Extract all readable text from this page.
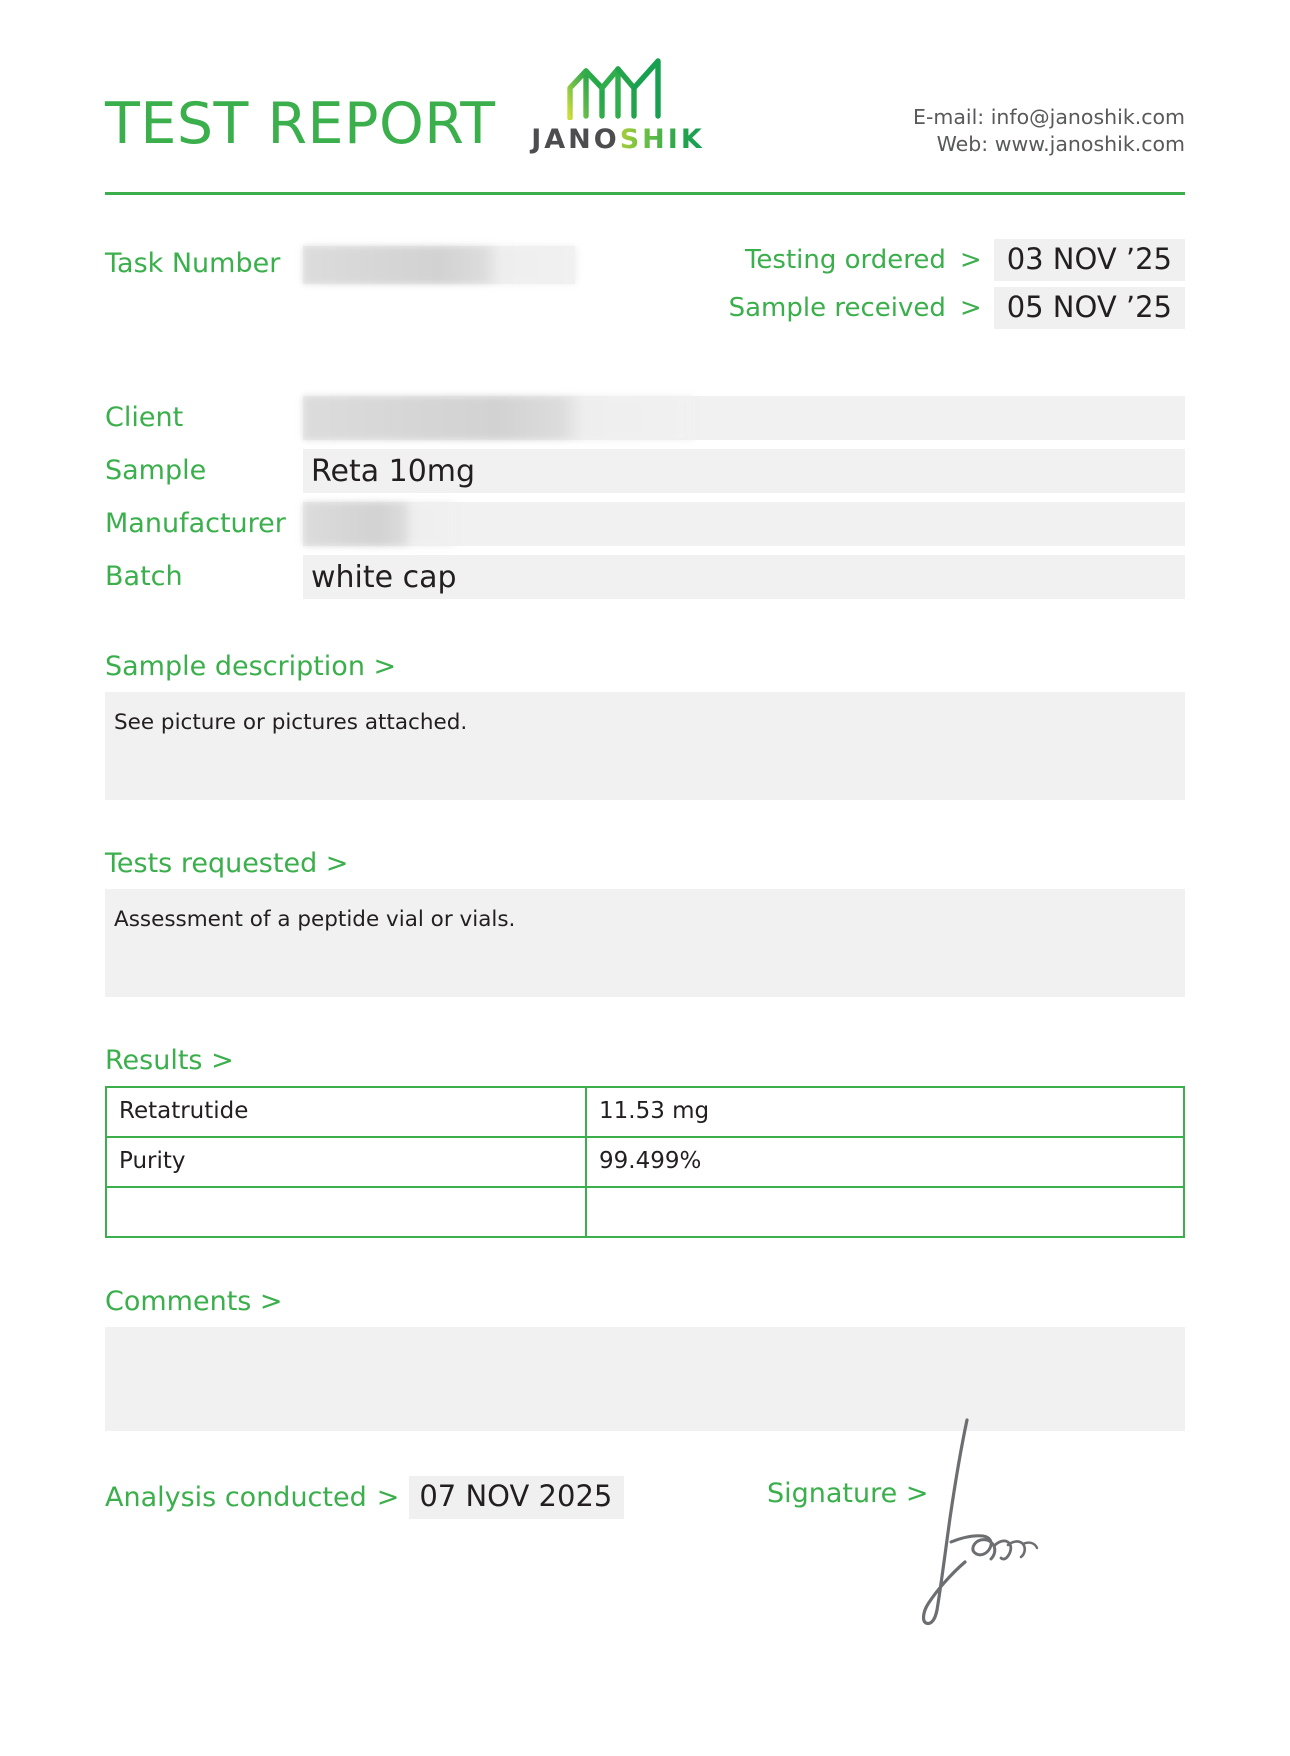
TEST REPORT	JANOSHIK
E-mail: info@janoshik.com
Web: www.janoshik.com
Task Number	Testing ordered > 03 NOV ’25
Sample received > 05 NOV ’25
Client
Sample	Reta 10mg
Manufacturer
Batch	white cap
Sample description >
See picture or pictures attached.
Tests requested >
Assessment of a peptide vial or vials.
Results >
Retatrutide	11.53 mg
Purity	99.499%

Comments >
Analysis conducted > 07 NOV 2025	Signature >
